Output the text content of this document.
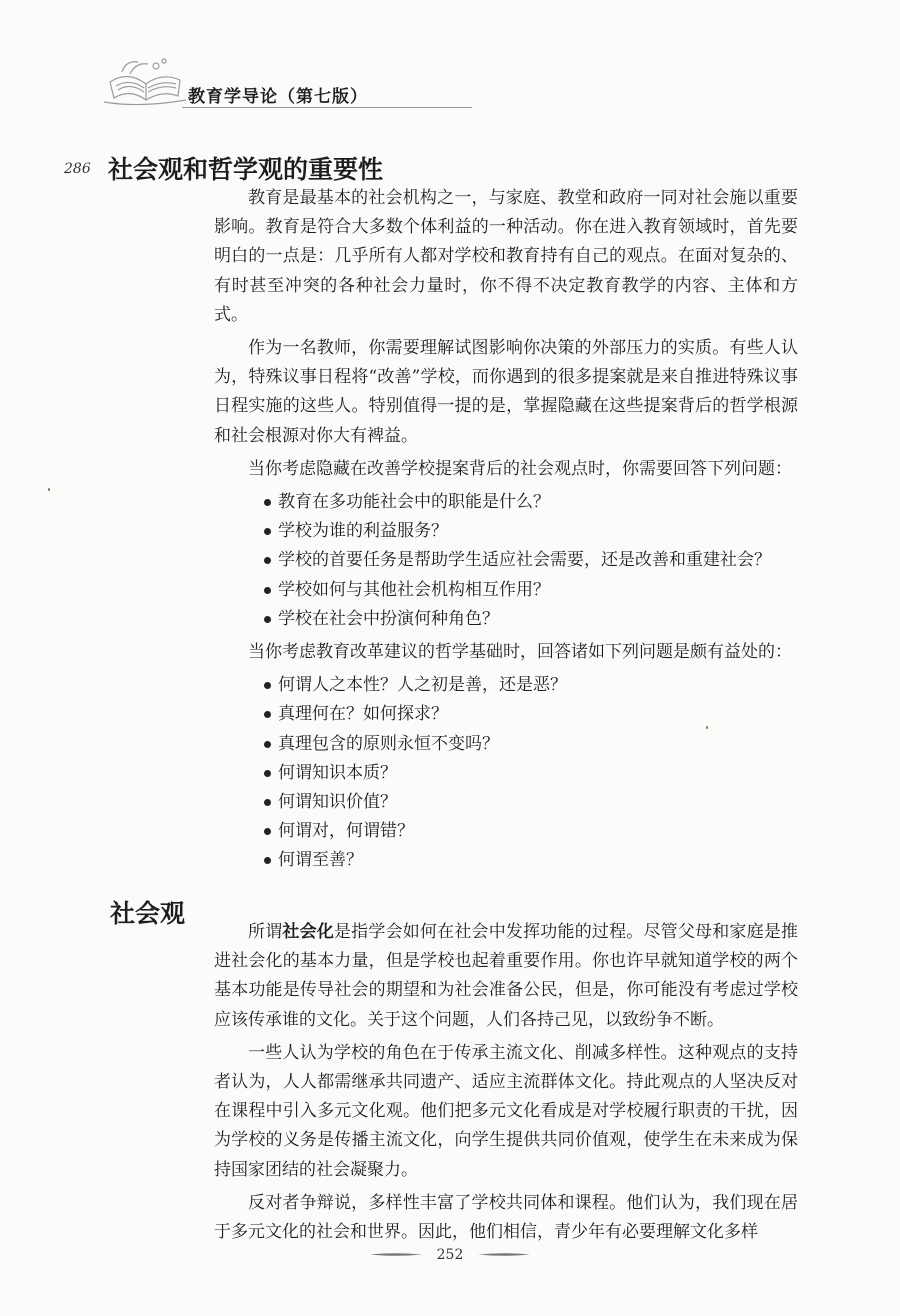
教育学导论（第七版）
286 社会观和哲学观的重要性

教育是最基本的社会机构之一，与家庭、教堂和政府一同对社会施以重要影响。教育是符合大多数个体利益的一种活动。你在进入教育领域时，首先要明白的一点是：几乎所有人都对学校和教育持有自己的观点。在面对复杂的、有时甚至冲突的各种社会力量时，你不得不决定教育教学的内容、主体和方式。

作为一名教师，你需要理解试图影响你决策的外部压力的实质。有些人认为，特殊议事日程将“改善”学校，而你遇到的很多提案就是来自推进特殊议事日程实施的这些人。特别值得一提的是，掌握隐藏在这些提案背后的哲学根源和社会根源对你大有裨益。

当你考虑隐藏在改善学校提案背后的社会观点时，你需要回答下列问题：

教育在多功能社会中的职能是什么？
学校为谁的利益服务？
学校的首要任务是帮助学生适应社会需要，还是改善和重建社会？
学校如何与其他社会机构相互作用？
学校在社会中扮演何种角色？

当你考虑教育改革建议的哲学基础时，回答诸如下列问题是颇有益处的：

何谓人之本性？人之初是善，还是恶？
真理何在？如何探求？
真理包含的原则永恒不变吗？
何谓知识本质？
何谓知识价值？
何谓对，何谓错？
何谓至善？
社会观

所谓社会化是指学会如何在社会中发挥功能的过程。尽管父母和家庭是推进社会化的基本力量，但是学校也起着重要作用。你也许早就知道学校的两个基本功能是传导社会的期望和为社会准备公民，但是，你可能没有考虑过学校应该传承谁的文化。关于这个问题，人们各持己见，以致纷争不断。

一些人认为学校的角色在于传承主流文化、削减多样性。这种观点的支持者认为，人人都需继承共同遗产、适应主流群体文化。持此观点的人坚决反对在课程中引入多元文化观。他们把多元文化看成是对学校履行职责的干扰，因为学校的义务是传播主流文化，向学生提供共同价值观，使学生在未来成为保持国家团结的社会凝聚力。

反对者争辩说，多样性丰富了学校共同体和课程。他们认为，我们现在居于多元文化的社会和世界。因此，他们相信，青少年有必要理解文化多样

252
